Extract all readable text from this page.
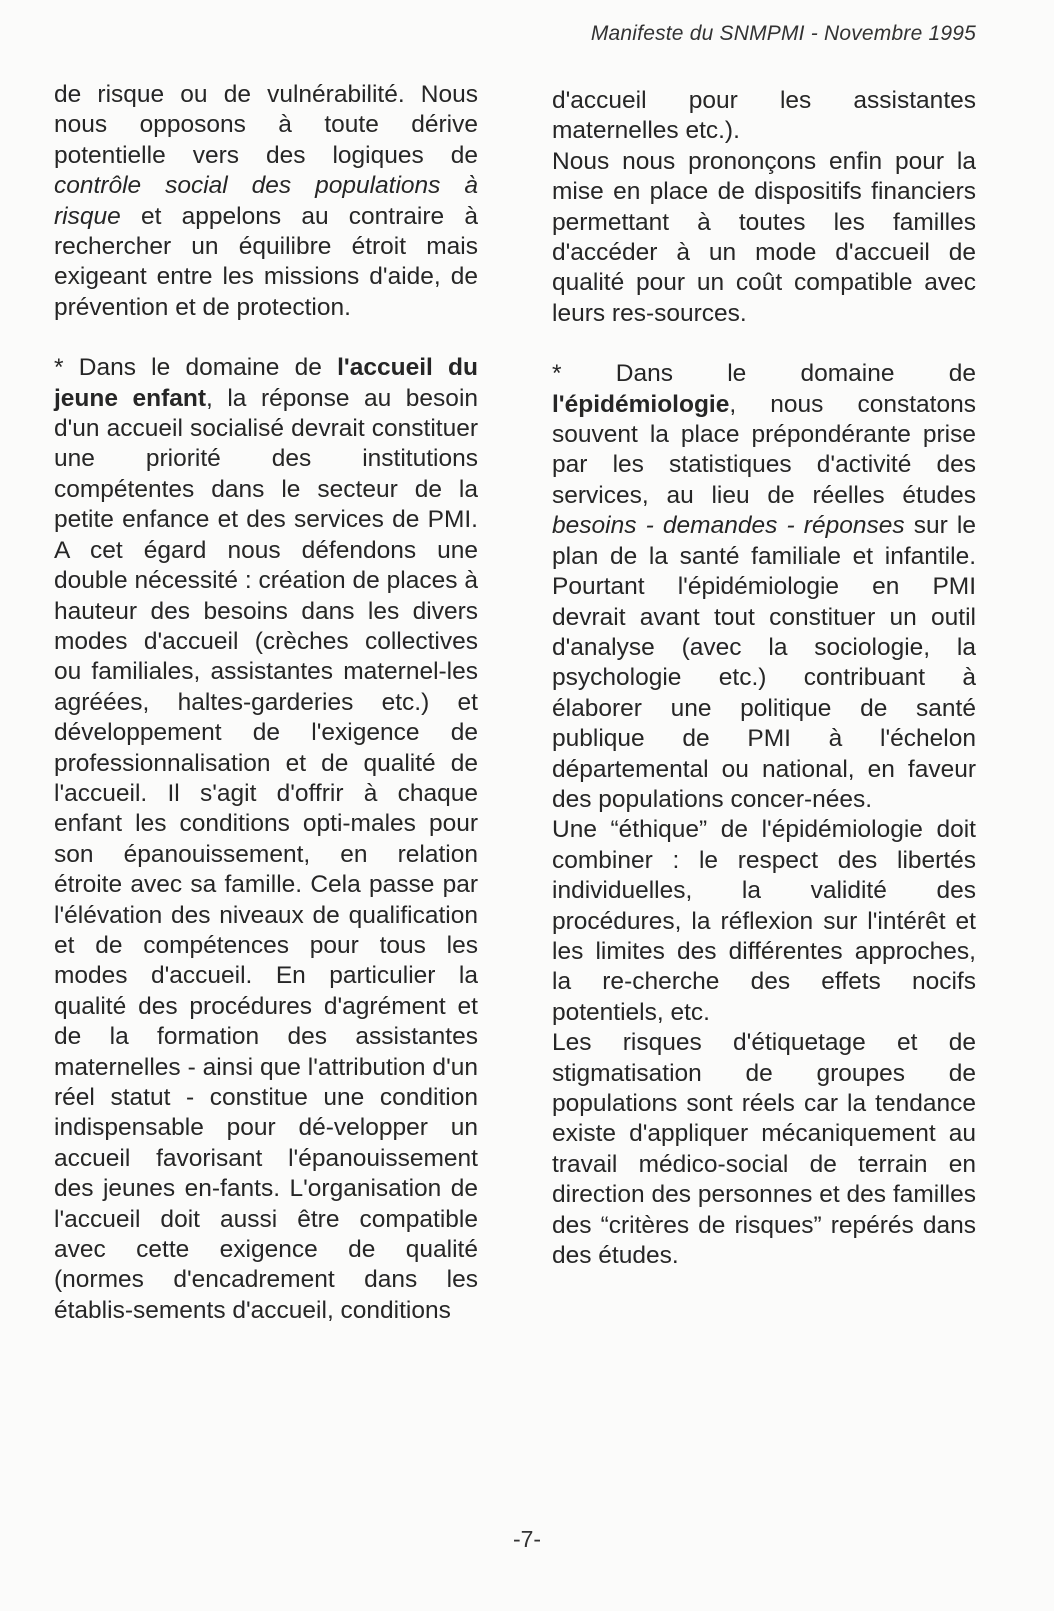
Manifeste du SNMPMI - Novembre 1995

de risque ou de vulnérabilité. Nous nous opposons à toute dérive potentielle vers des logiques de contrôle social des populations à risque et appelons au contraire à rechercher un équilibre étroit mais exigeant entre les missions d'aide, de prévention et de protection.

* Dans le domaine de l'accueil du jeune enfant, la réponse au besoin d'un accueil socialisé devrait constituer une priorité des institutions compétentes dans le secteur de la petite enfance et des services de PMI. A cet égard nous défendons une double nécessité : création de places à hauteur des besoins dans les divers modes d'accueil (crèches collectives ou familiales, assistantes maternel-les agréées, haltes-garderies etc.) et développement de l'exigence de professionnalisation et de qualité de l'accueil. Il s'agit d'offrir à chaque enfant les conditions opti-males pour son épanouissement, en relation étroite avec sa famille. Cela passe par l'élévation des niveaux de qualification et de compétences pour tous les modes d'accueil. En particulier la qualité des procédures d'agrément et de la formation des assistantes maternelles - ainsi que l'attribution d'un réel statut - constitue une condition indispensable pour dé-velopper un accueil favorisant l'épanouissement des jeunes en-fants. L'organisation de l'accueil doit aussi être compatible avec cette exigence de qualité (normes d'encadrement dans les établis-sements d'accueil, conditions

d'accueil pour les assistantes maternelles etc.).

Nous nous prononçons enfin pour la mise en place de dispositifs financiers permettant à toutes les familles d'accéder à un mode d'accueil de qualité pour un coût compatible avec leurs res-sources.

* Dans le domaine de l'épidémiologie, nous constatons souvent la place prépondérante prise par les statistiques d'activité des services, au lieu de réelles études besoins - demandes - réponses sur le plan de la santé familiale et infantile. Pourtant l'épidémiologie en PMI devrait avant tout constituer un outil d'analyse (avec la sociologie, la psychologie etc.) contribuant à élaborer une politique de santé publique de PMI à l'échelon départemental ou national, en faveur des populations concer-nées.

Une “éthique” de l'épidémiologie doit combiner : le respect des libertés individuelles, la validité des procédures, la réflexion sur l'intérêt et les limites des différentes approches, la re-cherche des effets nocifs potentiels, etc.

Les risques d'étiquetage et de stigmatisation de groupes de populations sont réels car la tendance existe d'appliquer mécaniquement au travail médico-social de terrain en direction des personnes et des familles des “critères de risques” repérés dans des études.

-7-
